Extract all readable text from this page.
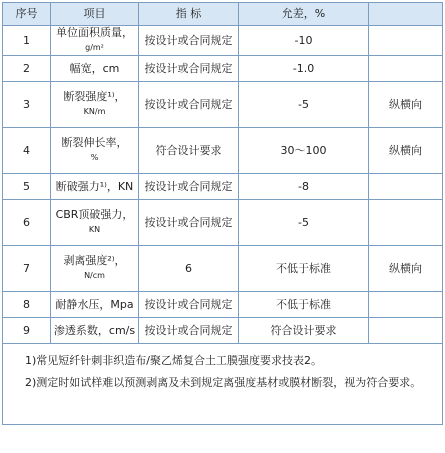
序号	项目	指 标	允差，%	
1	单位面积质量，
g/m²	按设计或合同规定	-10	
2	幅宽，cm	按设计或合同规定	-1.0	
3	断裂强度¹⁾，
KN/m	按设计或合同规定	-5	纵横向
4	断裂伸长率，
%	符合设计要求	30～100	纵横向
5	断破强力¹⁾，KN	按设计或合同规定	-8	
6	CBR顶破强力，
KN	按设计或合同规定	-5	
7	剥离强度²⁾，
N/cm	6	不低于标准	纵横向
8	耐静水压，Mpa	按设计或合同规定	不低于标准	
9	渗透系数，cm/s	按设计或合同规定	符合设计要求	

1)常见短纤针刺非织造布/聚乙烯复合土工膜强度要求技表2。
2)测定时如试样难以预测剥离及未到规定离强度基材或膜材断裂，视为符合要求。				
